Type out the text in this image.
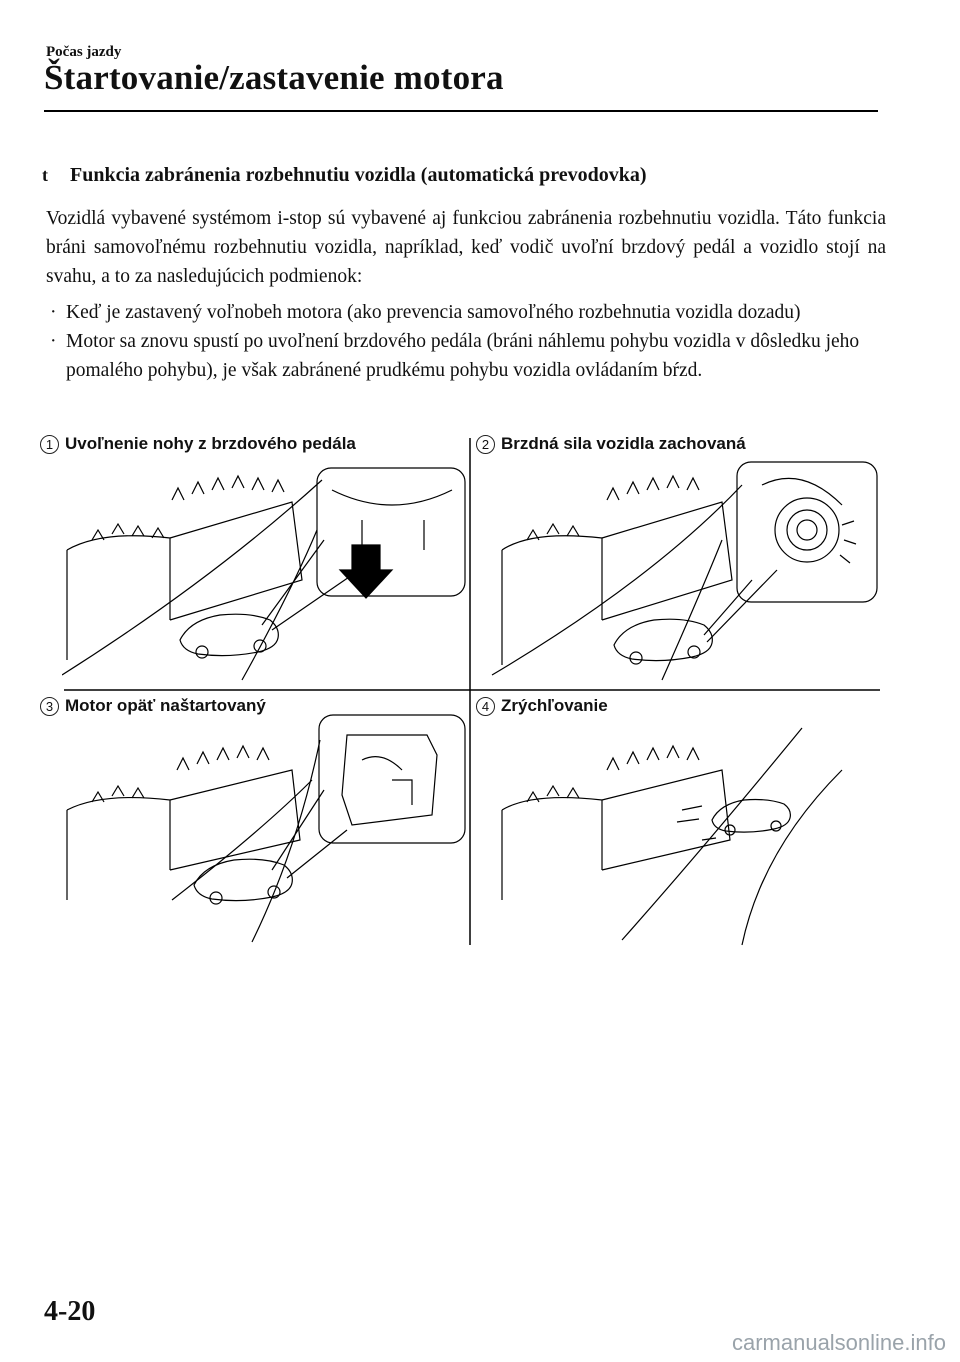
Počas jazdy
Štartovanie/zastavenie motora
t	Funkcia zabránenia rozbehnutiu vozidla (automatická prevodovka)
Vozidlá vybavené systémom i-stop sú vybavené aj funkciou zabránenia rozbehnutiu vozidla. Táto funkcia bráni samovoľnému rozbehnutiu vozidla, napríklad, keď vodič uvoľní brzdový pedál a vozidlo stojí na svahu, a to za nasledujúcich podmienok:
· Keď je zastavený voľnobeh motora (ako prevencia samovoľného rozbehnutia vozidla dozadu)
· Motor sa znovu spustí po uvoľnení brzdového pedála (bráni náhlemu pohybu vozidla v dôsledku jeho pomalého pohybu), je však zabránené prudkému pohybu vozidla ovládaním bŕzd.
1 Uvoľnenie nohy z brzdového pedála	2 Brzdná sila vozidla zachovaná
3 Motor opäť naštartovaný	4 Zrýchľovanie
4-20
carmanualsonline.info
